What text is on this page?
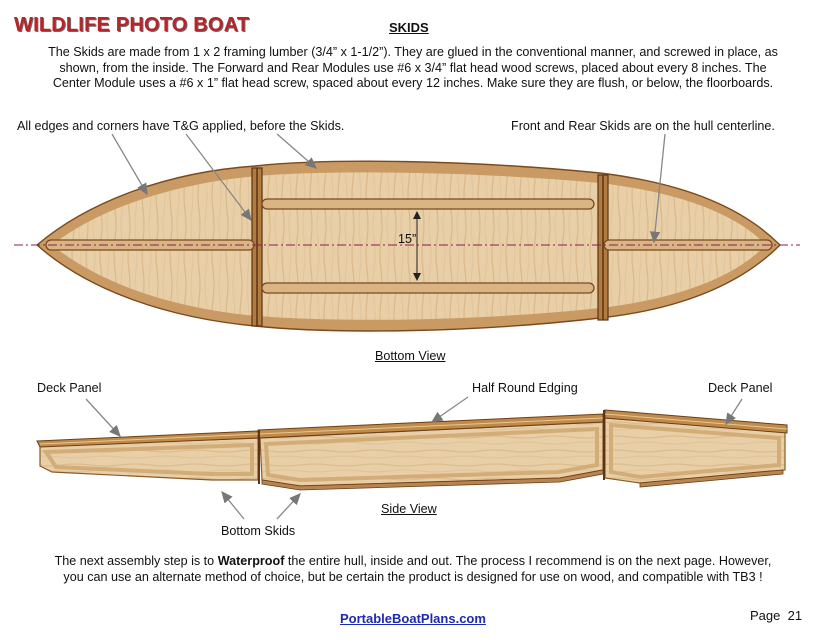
WILDLIFE PHOTO BOAT	SKIDS
The Skids are made from 1 x 2 framing lumber (3/4” x 1-1/2”). They are glued in the conventional manner, and screwed in place, as
shown, from the inside. The Forward and Rear Modules use #6 x 3/4” flat head wood screws, placed about every 8 inches. The
Center Module uses a #6 x 1” flat head screw, spaced about every 12 inches. Make sure they are flush, or below, the floorboards.
All edges and corners have T&G applied, before the Skids.	Front and Rear Skids are on the hull centerline.
15”
Bottom View
Deck Panel	Half Round Edging	Deck Panel
Bottom Skids
Side View
The next assembly step is to Waterproof the entire hull, inside and out. The process I recommend is on the next page. However,
you can use an alternate method of choice, but be certain the product is designed for use on wood, and compatible with TB3 !
PortableBoatPlans.com	Page 21
